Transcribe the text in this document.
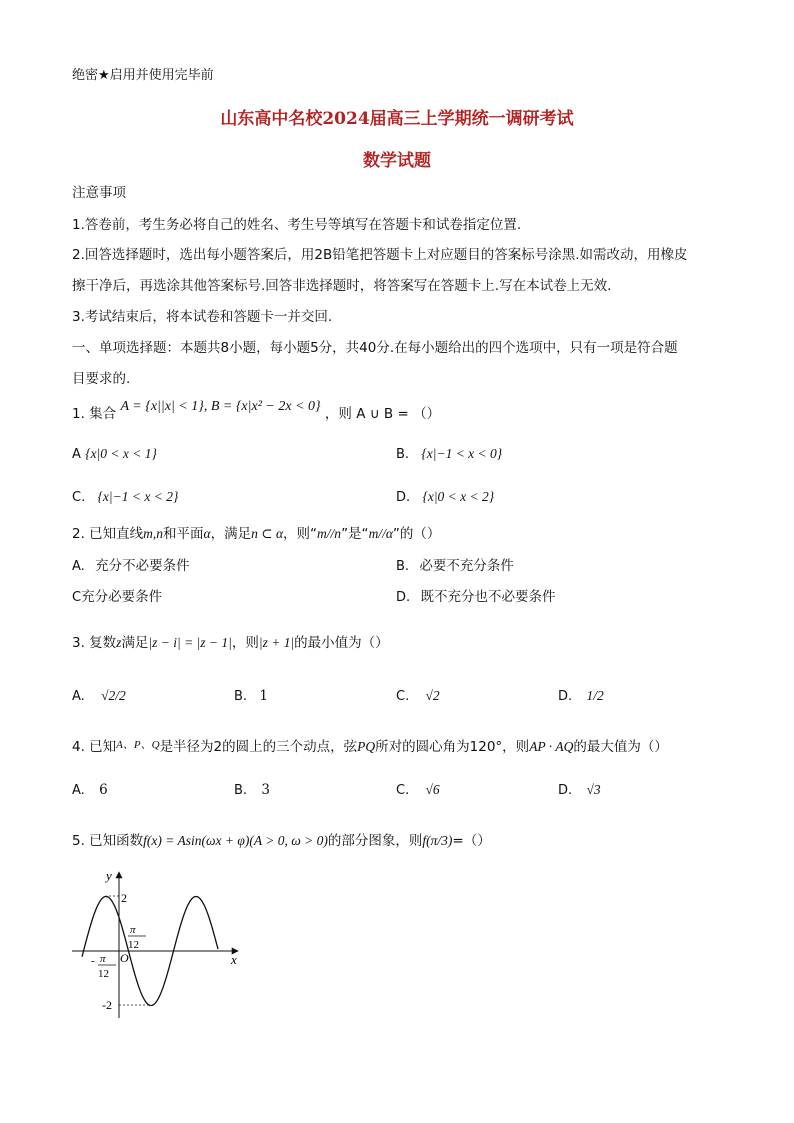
绝密★启用并使用完毕前
山东高中名校2024届高三上学期统一调研考试
数学试题
注意事项
1.答卷前，考生务必将自己的姓名、考生号等填写在答题卡和试卷指定位置.
2.回答选择题时，选出每小题答案后，用2B铅笔把答题卡上对应题目的答案标号涂黑.如需改动，用橡皮
擦干净后，再选涂其他答案标号.回答非选择题时，将答案写在答题卡上.写在本试卷上无效.
3.考试结束后，将本试卷和答题卡一并交回.
一、单项选择题：本题共8小题，每小题5分，共40分.在每小题给出的四个选项中，只有一项是符合题
目要求的.
1. 集合 A = {x||x| < 1}, B = {x|x² − 2x < 0} ，则 A ∪ B = （）
A {x|0 < x < 1}	B. {x|−1 < x < 0}
C. {x|−1 < x < 2}	D. {x|0 < x < 2}
2. 已知直线m,n和平面α，满足n ⊂ α，则“m//n”是“m//α”的（）
A. 充分不必要条件	B. 必要不充分条件
C充分必要条件	D. 既不充分也不必要条件
3. 复数z满足|z − i| = |z − 1|，则|z + 1|的最小值为（）
A. √2/2	B. 1	C. √2	D. 1/2
4. 已知$^{A、P、Q}$是半径为2的圆上的三个动点，弦PQ所对的圆心角为120°，则AP · AQ的最大值为（）
A. 6	B. 3	C. √6	D. √3
5. 已知函数f(x) = Asin(ωx + φ)(A > 0, ω > 0)的部分图象，则f(π/3)=（）
y
x
2
-2
O
π
12
- π
12
